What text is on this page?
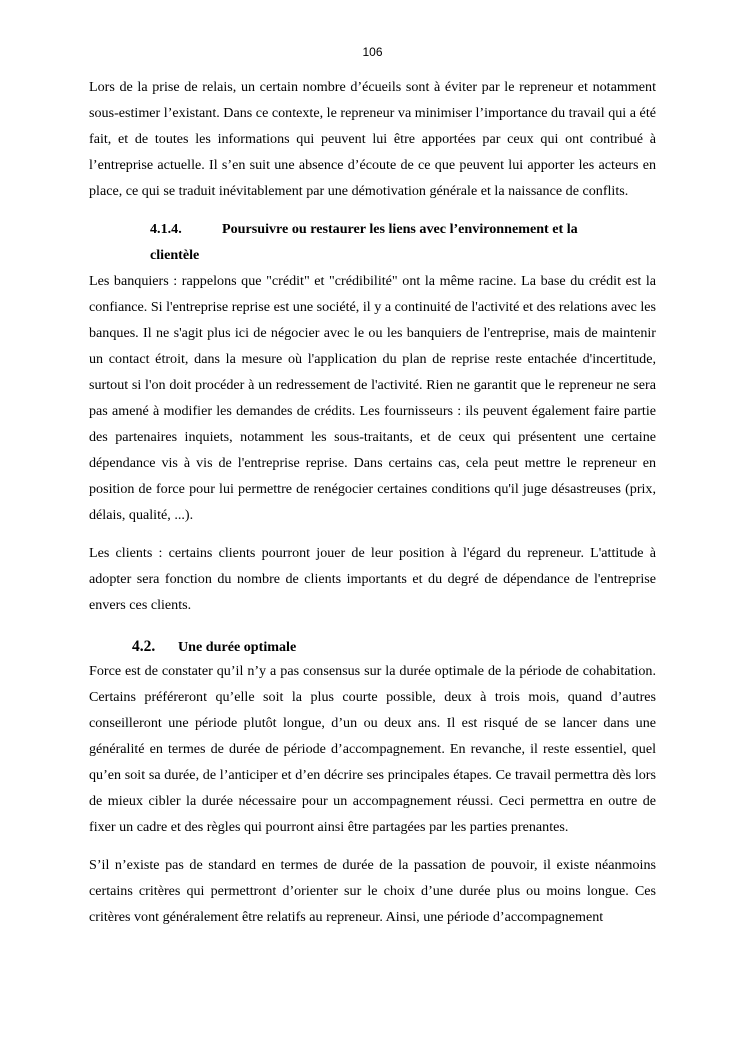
106

Lors de la prise de relais, un certain nombre d’écueils sont à éviter par le repreneur et notamment sous-estimer l’existant. Dans ce contexte, le repreneur va minimiser l’importance du travail qui a été fait, et de toutes les informations qui peuvent lui être apportées par ceux qui ont contribué à l’entreprise actuelle. Il s’en suit une absence d’écoute de ce que peuvent lui apporter les acteurs en place, ce qui se traduit inévitablement par une démotivation générale et la naissance de conflits.

4.1.4.	Poursuivre ou restaurer les liens avec l’environnement et la
clientèle

Les banquiers : rappelons que "crédit" et "crédibilité" ont la même racine. La base du crédit est la confiance. Si l'entreprise reprise est une société, il y a continuité de l'activité et des relations avec les banques. Il ne s'agit plus ici de négocier avec le ou les banquiers de l'entreprise, mais de maintenir un contact étroit, dans la mesure où l'application du plan de reprise reste entachée d'incertitude, surtout si l'on doit procéder à un redressement de l'activité. Rien ne garantit que le repreneur ne sera pas amené à modifier les demandes de crédits. Les fournisseurs : ils peuvent également faire partie des partenaires inquiets, notamment les sous-traitants, et de ceux qui présentent une certaine dépendance vis à vis de l'entreprise reprise. Dans certains cas, cela peut mettre le repreneur en position de force pour lui permettre de renégocier certaines conditions qu'il juge désastreuses (prix, délais, qualité, ...).

Les clients : certains clients pourront jouer de leur position à l'égard du repreneur. L'attitude à adopter sera fonction du nombre de clients importants et du degré de dépendance de l'entreprise envers ces clients.

4.2. Une durée optimale

Force est de constater qu’il n’y a pas consensus sur la durée optimale de la période de cohabitation. Certains préféreront qu’elle soit la plus courte possible, deux à trois mois, quand d’autres conseilleront une période plutôt longue, d’un ou deux ans. Il est risqué de se lancer dans une généralité en termes de durée de période d’accompagnement. En revanche, il reste essentiel, quel qu’en soit sa durée, de l’anticiper et d’en décrire ses principales étapes. Ce travail permettra dès lors de mieux cibler la durée nécessaire pour un accompagnement réussi. Ceci permettra en outre de fixer un cadre et des règles qui pourront ainsi être partagées par les parties prenantes.

S’il n’existe pas de standard en termes de durée de la passation de pouvoir, il existe néanmoins certains critères qui permettront d’orienter sur le choix d’une durée plus ou moins longue. Ces critères vont généralement être relatifs au repreneur. Ainsi, une période d’accompagnement
